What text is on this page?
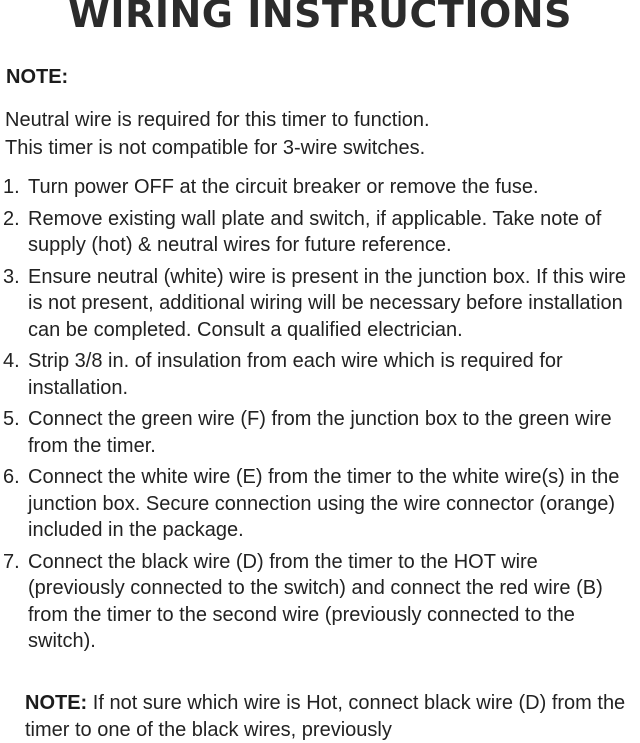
WIRING INSTRUCTIONS
NOTE:
Neutral wire is required for this timer to function.
This timer is not compatible for 3-wire switches.
1. Turn power OFF at the circuit breaker or remove the fuse.
2. Remove existing wall plate and switch, if applicable. Take note of supply (hot) & neutral wires for future reference.
3. Ensure neutral (white) wire is present in the junction box. If this wire is not present, additional wiring will be necessary before installation can be completed. Consult a qualified electrician.
4. Strip 3/8 in. of insulation from each wire which is required for installation.
5. Connect the green wire (F) from the junction box to the green wire from the timer.
6. Connect the white wire (E) from the timer to the white wire(s) in the junction box. Secure connection using the wire connector (orange) included in the package.
7. Connect the black wire (D) from the timer to the HOT wire (previously connected to the switch) and connect the red wire (B) from the timer to the second wire (previously connected to the switch).
NOTE: If not sure which wire is Hot, connect black wire (D) from the timer to one of the black wires, previously
